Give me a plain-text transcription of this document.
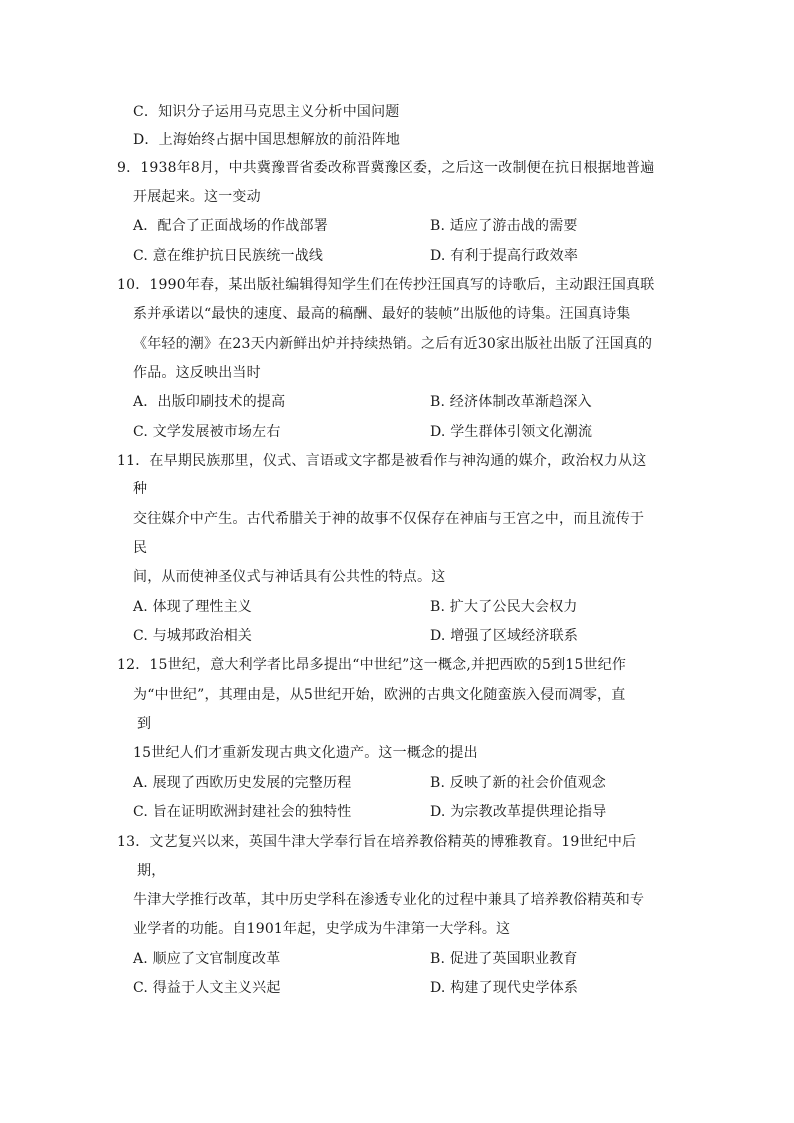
C．知识分子运用马克思主义分析中国问题
D．上海始终占据中国思想解放的前沿阵地
9．1938年8月，中共冀豫晋省委改称晋冀豫区委，之后这一改制便在抗日根据地普遍
开展起来。这一变动
A．配合了正面战场的作战部署	B. 适应了游击战的需要
C. 意在维护抗日民族统一战线	D. 有利于提高行政效率
10．1990年春，某出版社编辑得知学生们在传抄汪国真写的诗歌后，主动跟汪国真联
系并承诺以“最快的速度、最高的稿酬、最好的装帧”出版他的诗集。汪国真诗集
《年轻的潮》在23天内新鲜出炉并持续热销。之后有近30家出版社出版了汪国真的
作品。这反映出当时
A．出版印刷技术的提高	B. 经济体制改革渐趋深入
C. 文学发展被市场左右	D. 学生群体引领文化潮流
11．在早期民族那里，仪式、言语或文字都是被看作与神沟通的媒介，政治权力从这
种
交往媒介中产生。古代希腊关于神的故事不仅保存在神庙与王宫之中，而且流传于
民
间，从而使神圣仪式与神话具有公共性的特点。这
A. 体现了理性主义	B. 扩大了公民大会权力
C. 与城邦政治相关	D. 增强了区域经济联系
12．15世纪，意大利学者比昂多提出“中世纪”这一概念,并把西欧的5到15世纪作
为“中世纪”，其理由是，从5世纪开始，欧洲的古典文化随蛮族入侵而凋零，直
到
15世纪人们才重新发现古典文化遗产。这一概念的提出
A. 展现了西欧历史发展的完整历程	B. 反映了新的社会价值观念
C. 旨在证明欧洲封建社会的独特性	D. 为宗教改革提供理论指导
13．文艺复兴以来，英国牛津大学奉行旨在培养教俗精英的博雅教育。19世纪中后
期，
牛津大学推行改革，其中历史学科在渗透专业化的过程中兼具了培养教俗精英和专
业学者的功能。自1901年起，史学成为牛津第一大学科。这
A. 顺应了文官制度改革	B. 促进了英国职业教育
C. 得益于人文主义兴起	D. 构建了现代史学体系
